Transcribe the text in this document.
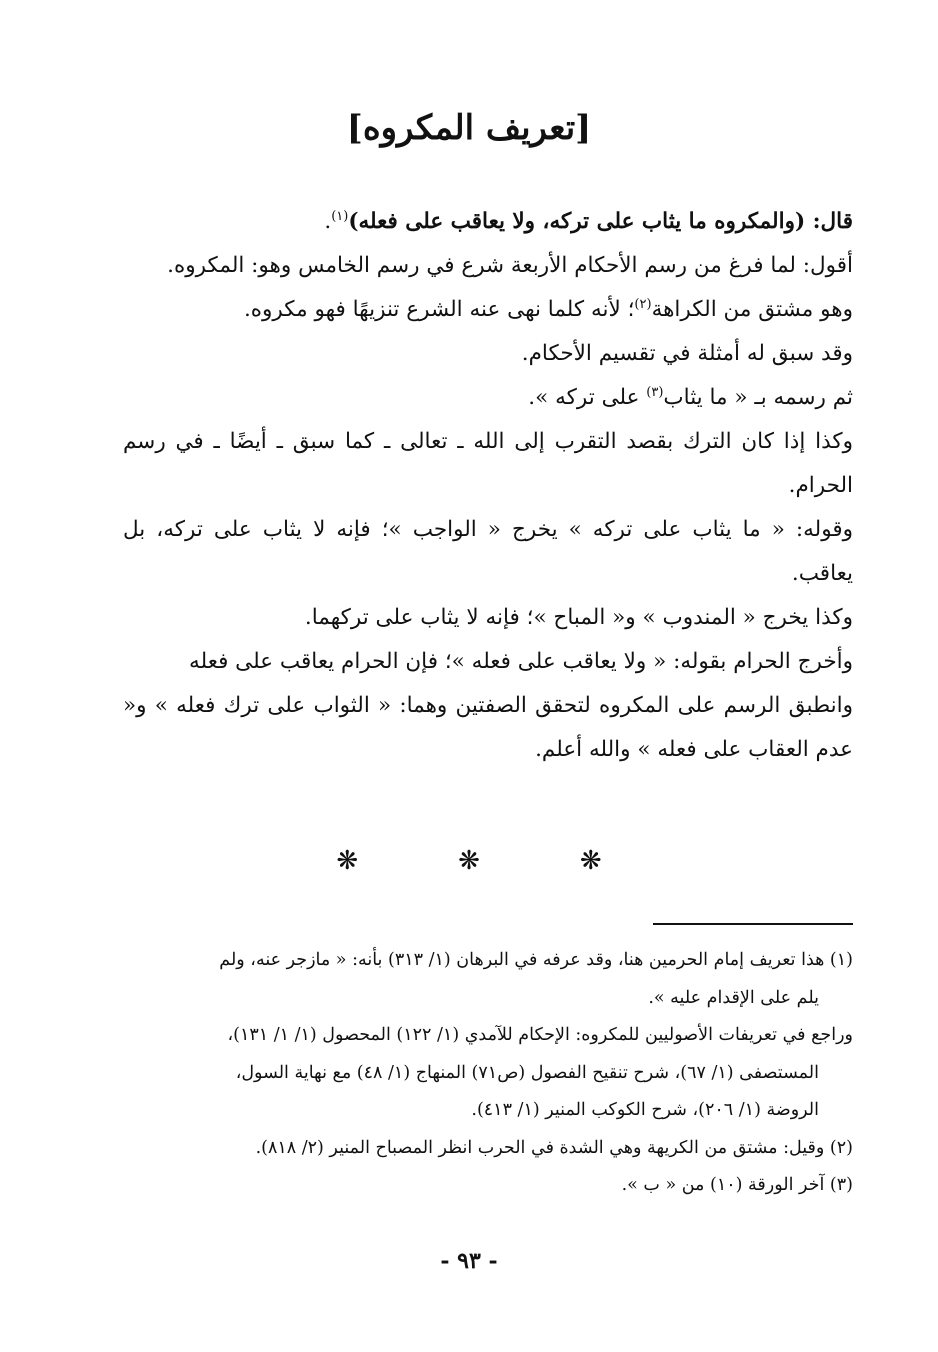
[تعريف المكروه]

قال: (والمكروه ما يثاب على تركه، ولا يعاقب على فعله)$^{(١)}$.

أقول: لما فرغ من رسم الأحكام الأربعة شرع في رسم الخامس وهو: المكروه.

وهو مشتق من الكراهة$^{(٢)}$؛ لأنه كلما نهى عنه الشرع تنزيهًا فهو مكروه.

وقد سبق له أمثلة في تقسيم الأحكام.

ثم رسمه بـ « ما يثاب$^{(٣)}$ على تركه ».

وكذا إذا كان الترك بقصد التقرب إلى الله ـ تعالى ـ كما سبق ـ أيضًا ـ في رسم الحرام.

وقوله: « ما يثاب على تركه » يخرج « الواجب »؛ فإنه لا يثاب على تركه، بل يعاقب.

وكذا يخرج « المندوب » و« المباح »؛ فإنه لا يثاب على تركهما.

وأخرج الحرام بقوله: « ولا يعاقب على فعله »؛ فإن الحرام يعاقب على فعله

وانطبق الرسم على المكروه لتحقق الصفتين وهما: « الثواب على ترك فعله » و« عدم العقاب على فعله » والله أعلم.

❋
❋
❋

(١) هذا تعريف إمام الحرمين هنا، وقد عرفه في البرهان (١/ ٣١٣) بأنه: « مازجر عنه، ولم

يلم على الإقدام عليه ».

وراجع في تعريفات الأصوليين للمكروه: الإحكام للآمدي (١/ ١٢٢) المحصول (١/ ١/ ١٣١)،

المستصفى (١/ ٦٧)، شرح تنقيح الفصول (ص٧١) المنهاج (١/ ٤٨) مع نهاية السول،

الروضة (١/ ٢٠٦)، شرح الكوكب المنير (١/ ٤١٣).

(٢) وقيل: مشتق من الكريهة وهي الشدة في الحرب انظر المصباح المنير (٢/ ٨١٨).

(٣) آخر الورقة (١٠) من « ب ».

- ٩٣ -
